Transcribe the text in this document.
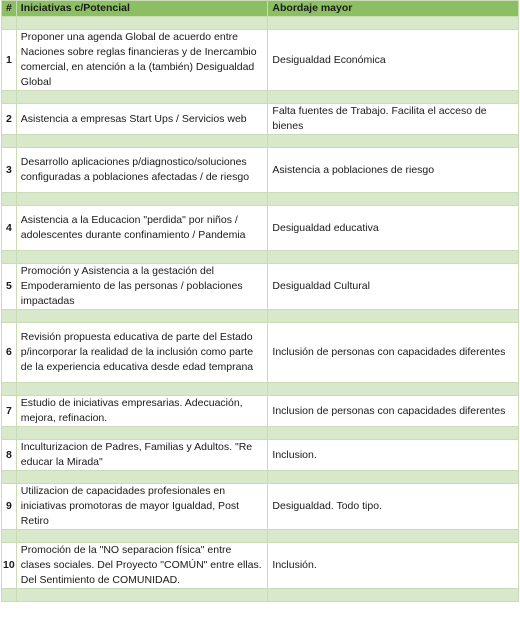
#	Iniciativas c/Potencial	Abordaje mayor

1	Proponer una agenda Global de acuerdo entre Naciones sobre reglas financieras y de Inercambio comercial, en atención a la (también) Desigualdad Global	Desigualdad Económica

2	Asistencia a empresas Start Ups / Servicios web	Falta fuentes de Trabajo. Facilita el acceso de bienes

3	Desarrollo aplicaciones p/diagnostico/soluciones configuradas a poblaciones afectadas / de riesgo	Asistencia a poblaciones de riesgo

4	Asistencia a la Educacion "perdida" por niños / adolescentes durante confinamiento / Pandemia	Desigualdad educativa

5	Promoción y Asistencia a la gestación del Empoderamiento de las personas / poblaciones impactadas	Desigualdad Cultural

6	Revisión propuesta educativa de parte del Estado p/incorporar la realidad de la inclusión como parte de la experiencia educativa desde edad temprana	Inclusión de personas con capacidades diferentes

7	Estudio de iniciativas empresarias. Adecuación, mejora, refinacion.	Inclusion de personas con capacidades diferentes

8	Inculturizacion de Padres, Familias y Adultos. "Re educar la Mirada"	Inclusion.

9	Utilizacion de capacidades profesionales en iniciativas promotoras de mayor Igualdad, Post Retiro	Desigualdad. Todo tipo.

10	Promoción de la "NO separacion física" entre clases sociales. Del Proyecto "COMÚN" entre ellas. Del Sentimiento de COMUNIDAD.	Inclusión.
